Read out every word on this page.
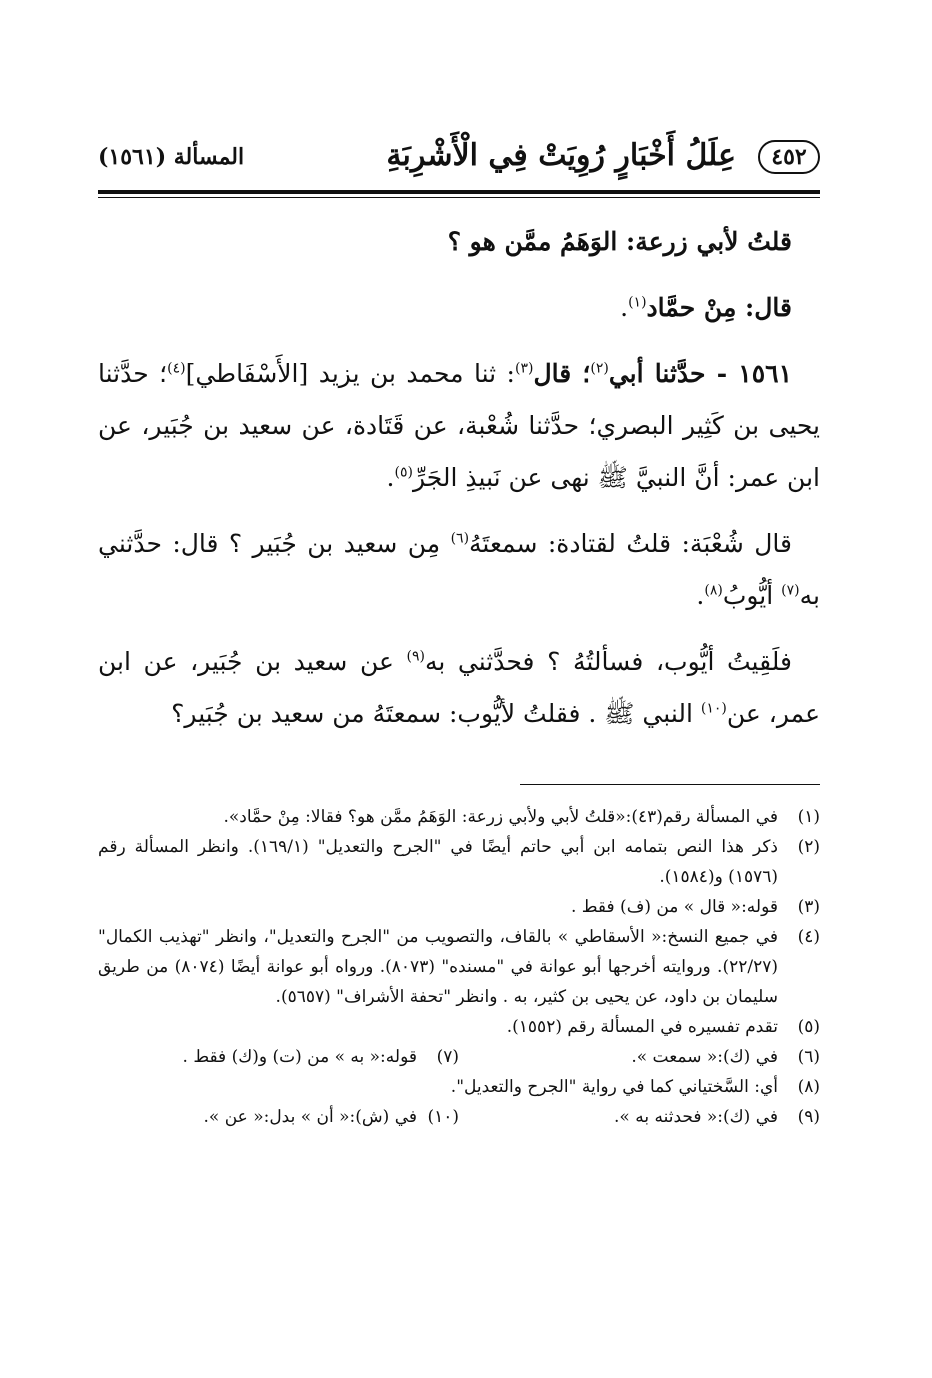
٤٥٢
عِلَلُ أَخْبَارٍ رُوِيَتْ فِي الْأَشْرِبَةِ
المسألة (١٥٦١)

قلتُ لأبي زرعة: الوَهَمُ ممَّن هو ؟

قال: مِنْ حمَّاد$^{(١)}$.

١٥٦١ - حدَّثنا أبي$^{(٢)}$؛ قال$^{(٣)}$: ثنا محمد بن يزيد [الأَسْفَاطي]$^{(٤)}$؛ حدَّثنا يحيى بن كَثِير البصري؛ حدَّثنا شُعْبة، عن قَتَادة، عن سعيد بن جُبَير، عن ابن عمر: أنَّ النبيَّ ﷺ نهى عن نَبيذِ الجَرِّ$^{(٥)}$.

قال شُعْبَة: قلتُ لقتادة: سمعتَهُ$^{(٦)}$ مِن سعيد بن جُبَير ؟ قال: حدَّثني به$^{(٧)}$ أيُّوبُ$^{(٨)}$.

فلَقِيتُ أيُّوب، فسألتُهُ ؟ فحدَّثني به$^{(٩)}$ عن سعيد بن جُبَير، عن ابن عمر، عن$^{(١٠)}$ النبي ﷺ . فقلتُ لأيُّوب: سمعتَهُ من سعيد بن جُبَير؟

(١)
في المسألة رقم(٤٣):«قلتُ لأبي ولأبي زرعة: الوَهَمُ ممَّن هو؟ فقالا: مِنْ حمَّاد».
(٢)
ذكر هذا النص بتمامه ابن أبي حاتم أيضًا في "الجرح والتعديل" (١٦٩/١). وانظر المسألة رقم (١٥٧٦) و(١٥٨٤).
(٣)
قوله:« قال » من (ف) فقط .
(٤)
في جميع النسخ:« الأسقاطي » بالقاف، والتصويب من "الجرح والتعديل"، وانظر "تهذيب الكمال" (٢٢/٢٧). وروايته أخرجها أبو عوانة في "مسنده" (٨٠٧٣). ورواه أبو عوانة أيضًا (٨٠٧٤) من طريق سليمان بن داود، عن يحيى بن كثير، به . وانظر "تحفة الأشراف" (٥٦٥٧).
(٥)
تقدم تفسيره في المسألة رقم (١٥٥٢).
(٦)
في (ك):« سمعت ».
(٧)
قوله:« به » من (ت) و(ك) فقط .
(٨)
أي: السَّختياني كما في رواية "الجرح والتعديل".
(٩)
في (ك):« فحدثنه به ».
(١٠)
في (ش):« أن » بدل:« عن ».
